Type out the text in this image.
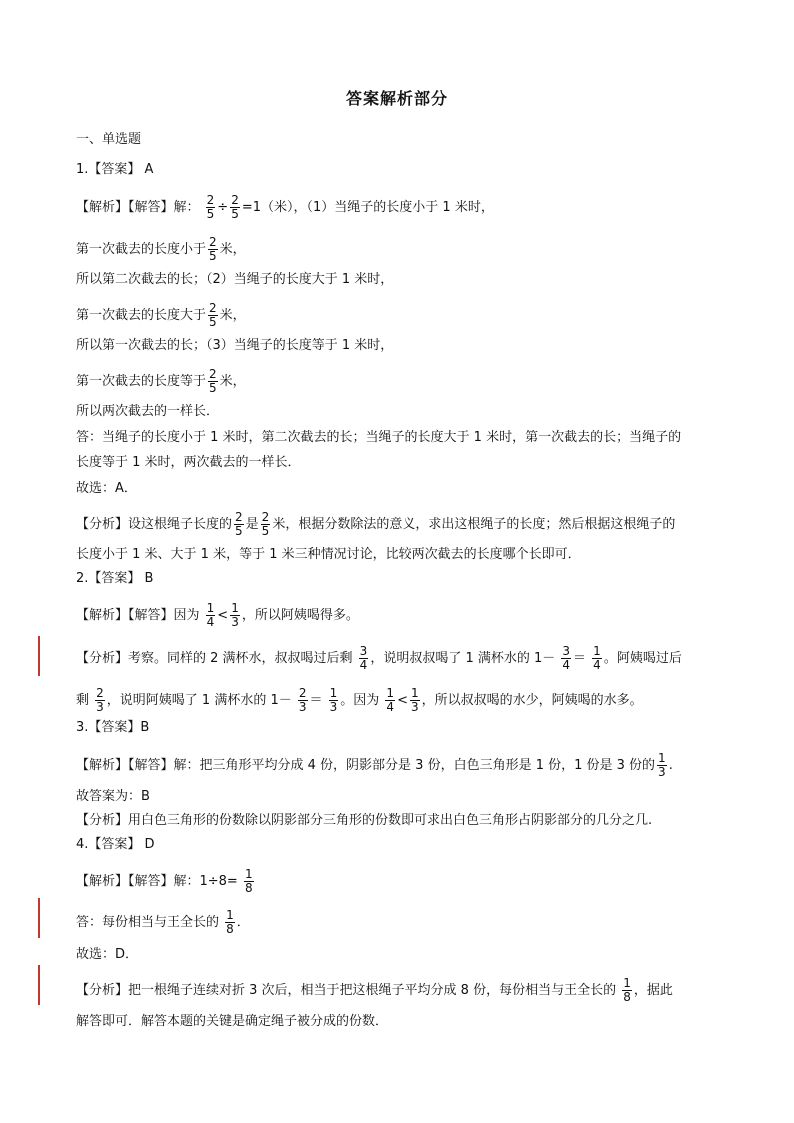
答案解析部分
一、单选题
1.【答案】 A
【解析】【解答】解： $\frac{2}{5} \div \frac{2}{5} =1$（米），（1）当绳子的长度小于 1 米时，
第一次截去的长度小于 $\frac{2}{5}$ 米，
所以第二次截去的长；（2）当绳子的长度大于 1 米时，
第一次截去的长度大于 $\frac{2}{5}$ 米，
所以第一次截去的长；（3）当绳子的长度等于 1 米时，
第一次截去的长度等于 $\frac{2}{5}$ 米，
所以两次截去的一样长．
答：当绳子的长度小于 1 米时，第二次截去的长；当绳子的长度大于 1 米时，第一次截去的长；当绳子的
长度等于 1 米时，两次截去的一样长．
故选：A．
【分析】设这根绳子长度的 $\frac{2}{5}$ 是 $\frac{2}{5}$ 米，根据分数除法的意义，求出这根绳子的长度；然后根据这根绳子的
长度小于 1 米、大于 1 米，等于 1 米三种情况讨论，比较两次截去的长度哪个长即可．
2.【答案】 B
【解析】【解答】因为 $\frac{1}{4} < \frac{1}{3}$ ，所以阿姨喝得多。
【分析】考察。同样的 2 满杯水，叔叔喝过后剩 $\frac{3}{4}$ ，说明叔叔喝了 1 满杯水的 $1- \frac{3}{4} = \frac{1}{4}$ 。阿姨喝过后
剩 $\frac{2}{3}$ ，说明阿姨喝了 1 满杯水的 $1- \frac{2}{3} = \frac{1}{3}$ 。因为 $\frac{1}{4} < \frac{1}{3}$ ，所以叔叔喝的水少，阿姨喝的水多。
3.【答案】B
【解析】【解答】解：把三角形平均分成 4 份，阴影部分是 3 份，白色三角形是 1 份，1 份是 3 份的 $\frac{1}{3}$ .
故答案为：B
【分析】用白色三角形的份数除以阴影部分三角形的份数即可求出白色三角形占阴影部分的几分之几.
4.【答案】 D
【解析】【解答】解：$1\div 8= \frac{1}{8}$
答：每份相当与王全长的 $\frac{1}{8}$ ．
故选：D．
【分析】把一根绳子连续对折 3 次后，相当于把这根绳子平均分成 8 份，每份相当与王全长的 $\frac{1}{8}$ ，据此
解答即可．解答本题的关键是确定绳子被分成的份数．
